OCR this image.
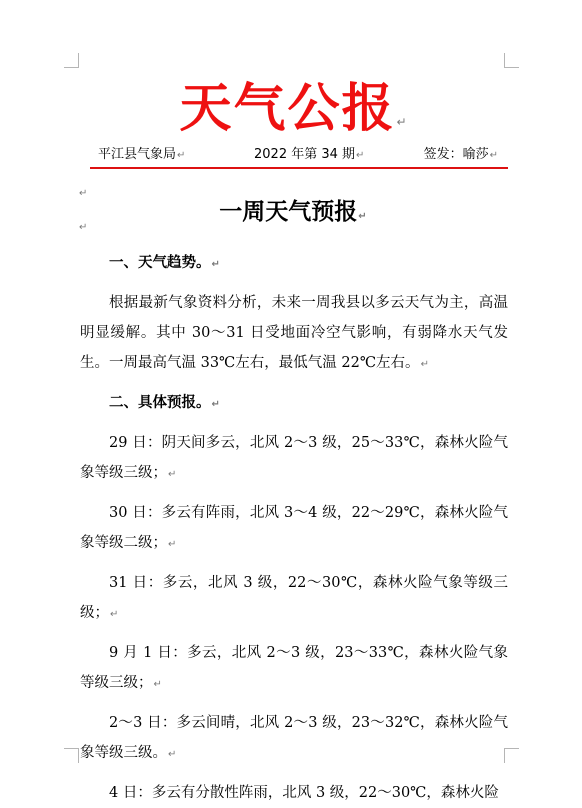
天气公报↵
平江县气象局↵	2022 年第 34 期↵	签发：喻莎↵
↵
↵
一周天气预报↵

一、天气趋势。↵

根据最新气象资料分析，未来一周我县以多云天气为主，高温明显缓解。其中 30～31 日受地面冷空气影响，有弱降水天气发生。一周最高气温 33℃左右，最低气温 22℃左右。↵

二、具体预报。↵

29 日：阴天间多云，北风 2～3 级，25～33℃，森林火险气象等级三级；↵

30 日：多云有阵雨，北风 3～4 级，22～29℃，森林火险气象等级二级；↵

31 日：多云，北风 3 级，22～30℃，森林火险气象等级三级；↵

9 月 1 日：多云，北风 2～3 级，23～33℃，森林火险气象等级三级；↵

2～3 日：多云间晴，北风 2～3 级，23～32℃，森林火险气象等级三级。↵

4 日：多云有分散性阵雨，北风 3 级，22～30℃，森林火险
